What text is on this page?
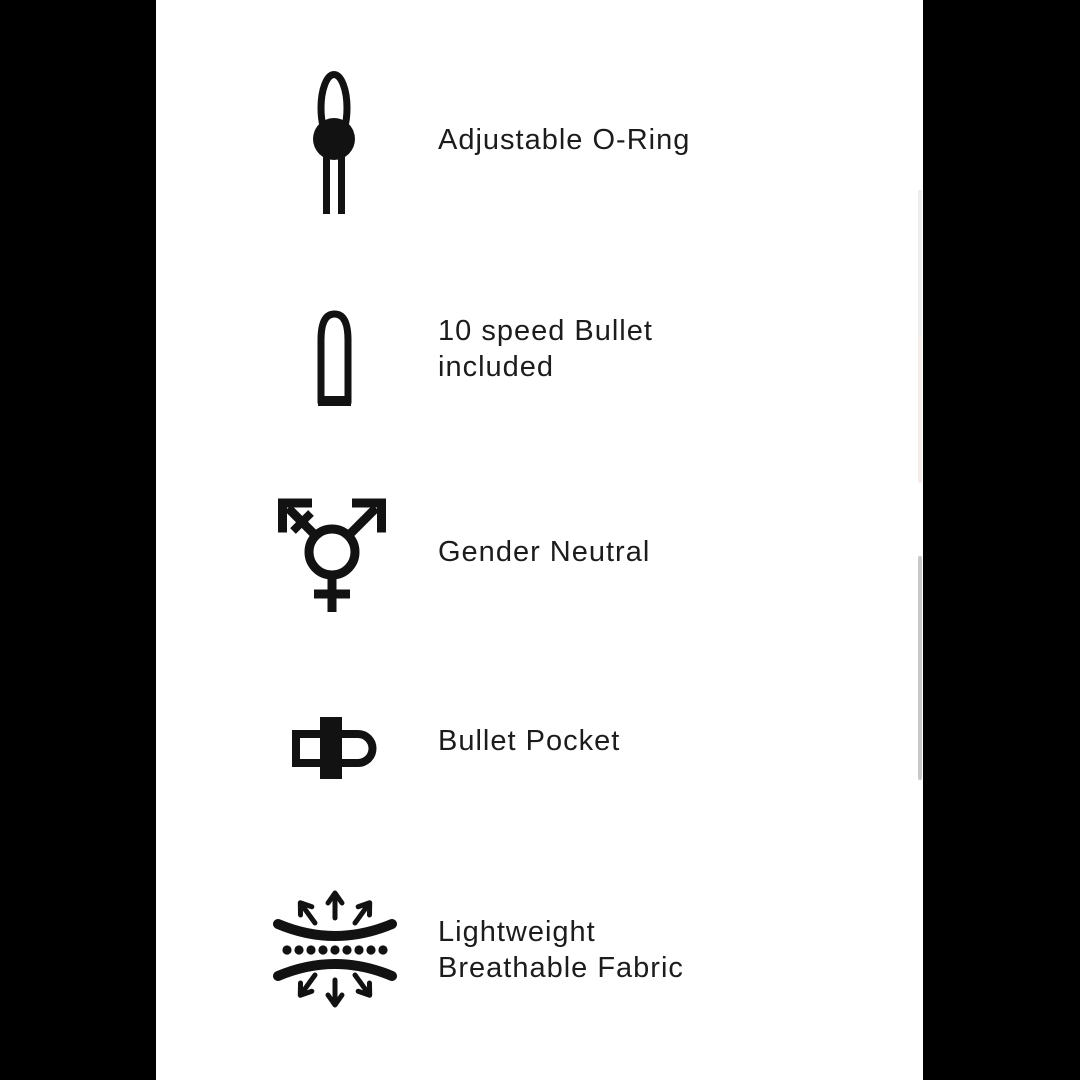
Adjustable O-Ring
10 speed Bullet
included
Gender Neutral
Bullet Pocket
Lightweight
Breathable Fabric
